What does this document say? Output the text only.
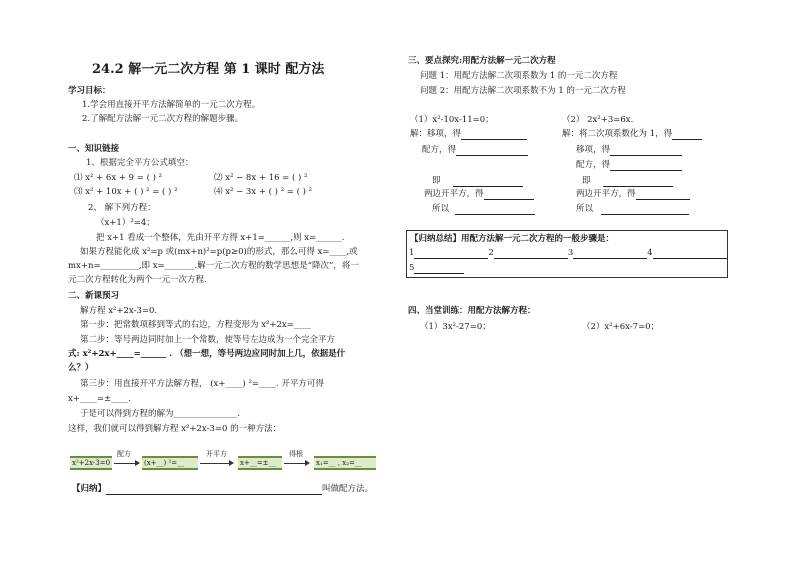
24.2 解一元二次方程 第 1 课时 配方法
学习目标：
1.学会用直接开平方法解简单的一元二次方程。
2.了解配方法解一元二次方程的解题步骤。
一、知识链接
1、根据完全平方公式填空：
⑴ x² + 6x + 9 = ( ) ²	⑵ x² − 8x + 16 = ( ) ²
⑶ x² + 10x + ( ) ² = ( ) ²	⑷ x² − 3x + ( ) ² = ( ) ²
2、 解下列方程：
（x+1）²=4；
把 x+1 看成一个整体，先由开平方得 x+1=______,则 x=______.
如果方程能化成 x²=p 或(mx+n)²=p(p≥0)的形式，那么可得 x=____,或
mx+n=_________,即 x=_______.解一元二次方程的数学思想是“降次”，将一
元二次方程转化为两个一元一次方程.
二、新课预习
解方程 x²+2x-3=0.
第一步：把常数项移到等式的右边，方程变形为 x²+2x=____
第二步：等号两边同时加上一个常数，使等号左边成为一个完全平方
式: x²+2x+____=______ . （想一想，等号两边应同时加上几，依据是什
么？）
第三步：用直接开平方法解方程， (x+____) ²=____. 开平方可得
x+____=±____.
于是可以得到方程的解为_______________.
这样，我们就可以得到解方程 x²+2x-3=0 的一种方法：
x²+2x-3=0
配方
(x+__) ²=__
开平方
x+__=±__
得根
x₁=__ , x₂=__
【归纳】	叫做配方法。
三、要点探究:用配方法解一元二次方程
问题 1：用配方法解二次项系数为 1 的一元二次方程
问题 2：用配方法解二次项系数不为 1 的一元二次方程
（1）x²-10x-11=0；	（2） 2x²+3=6x.
解：移项，得
配方，得
即
两边开平方，得
所以
解：将二次项系数化为 1，得
移项，得
配方，得
即
两边开平方，得
所以
【归纳总结】用配方法解一元二次方程的一般步骤是：
1	2	3	4
5
四、当堂训练：用配方法解方程：
（1）3x²-27=0；	（2）x²+6x-7=0；
